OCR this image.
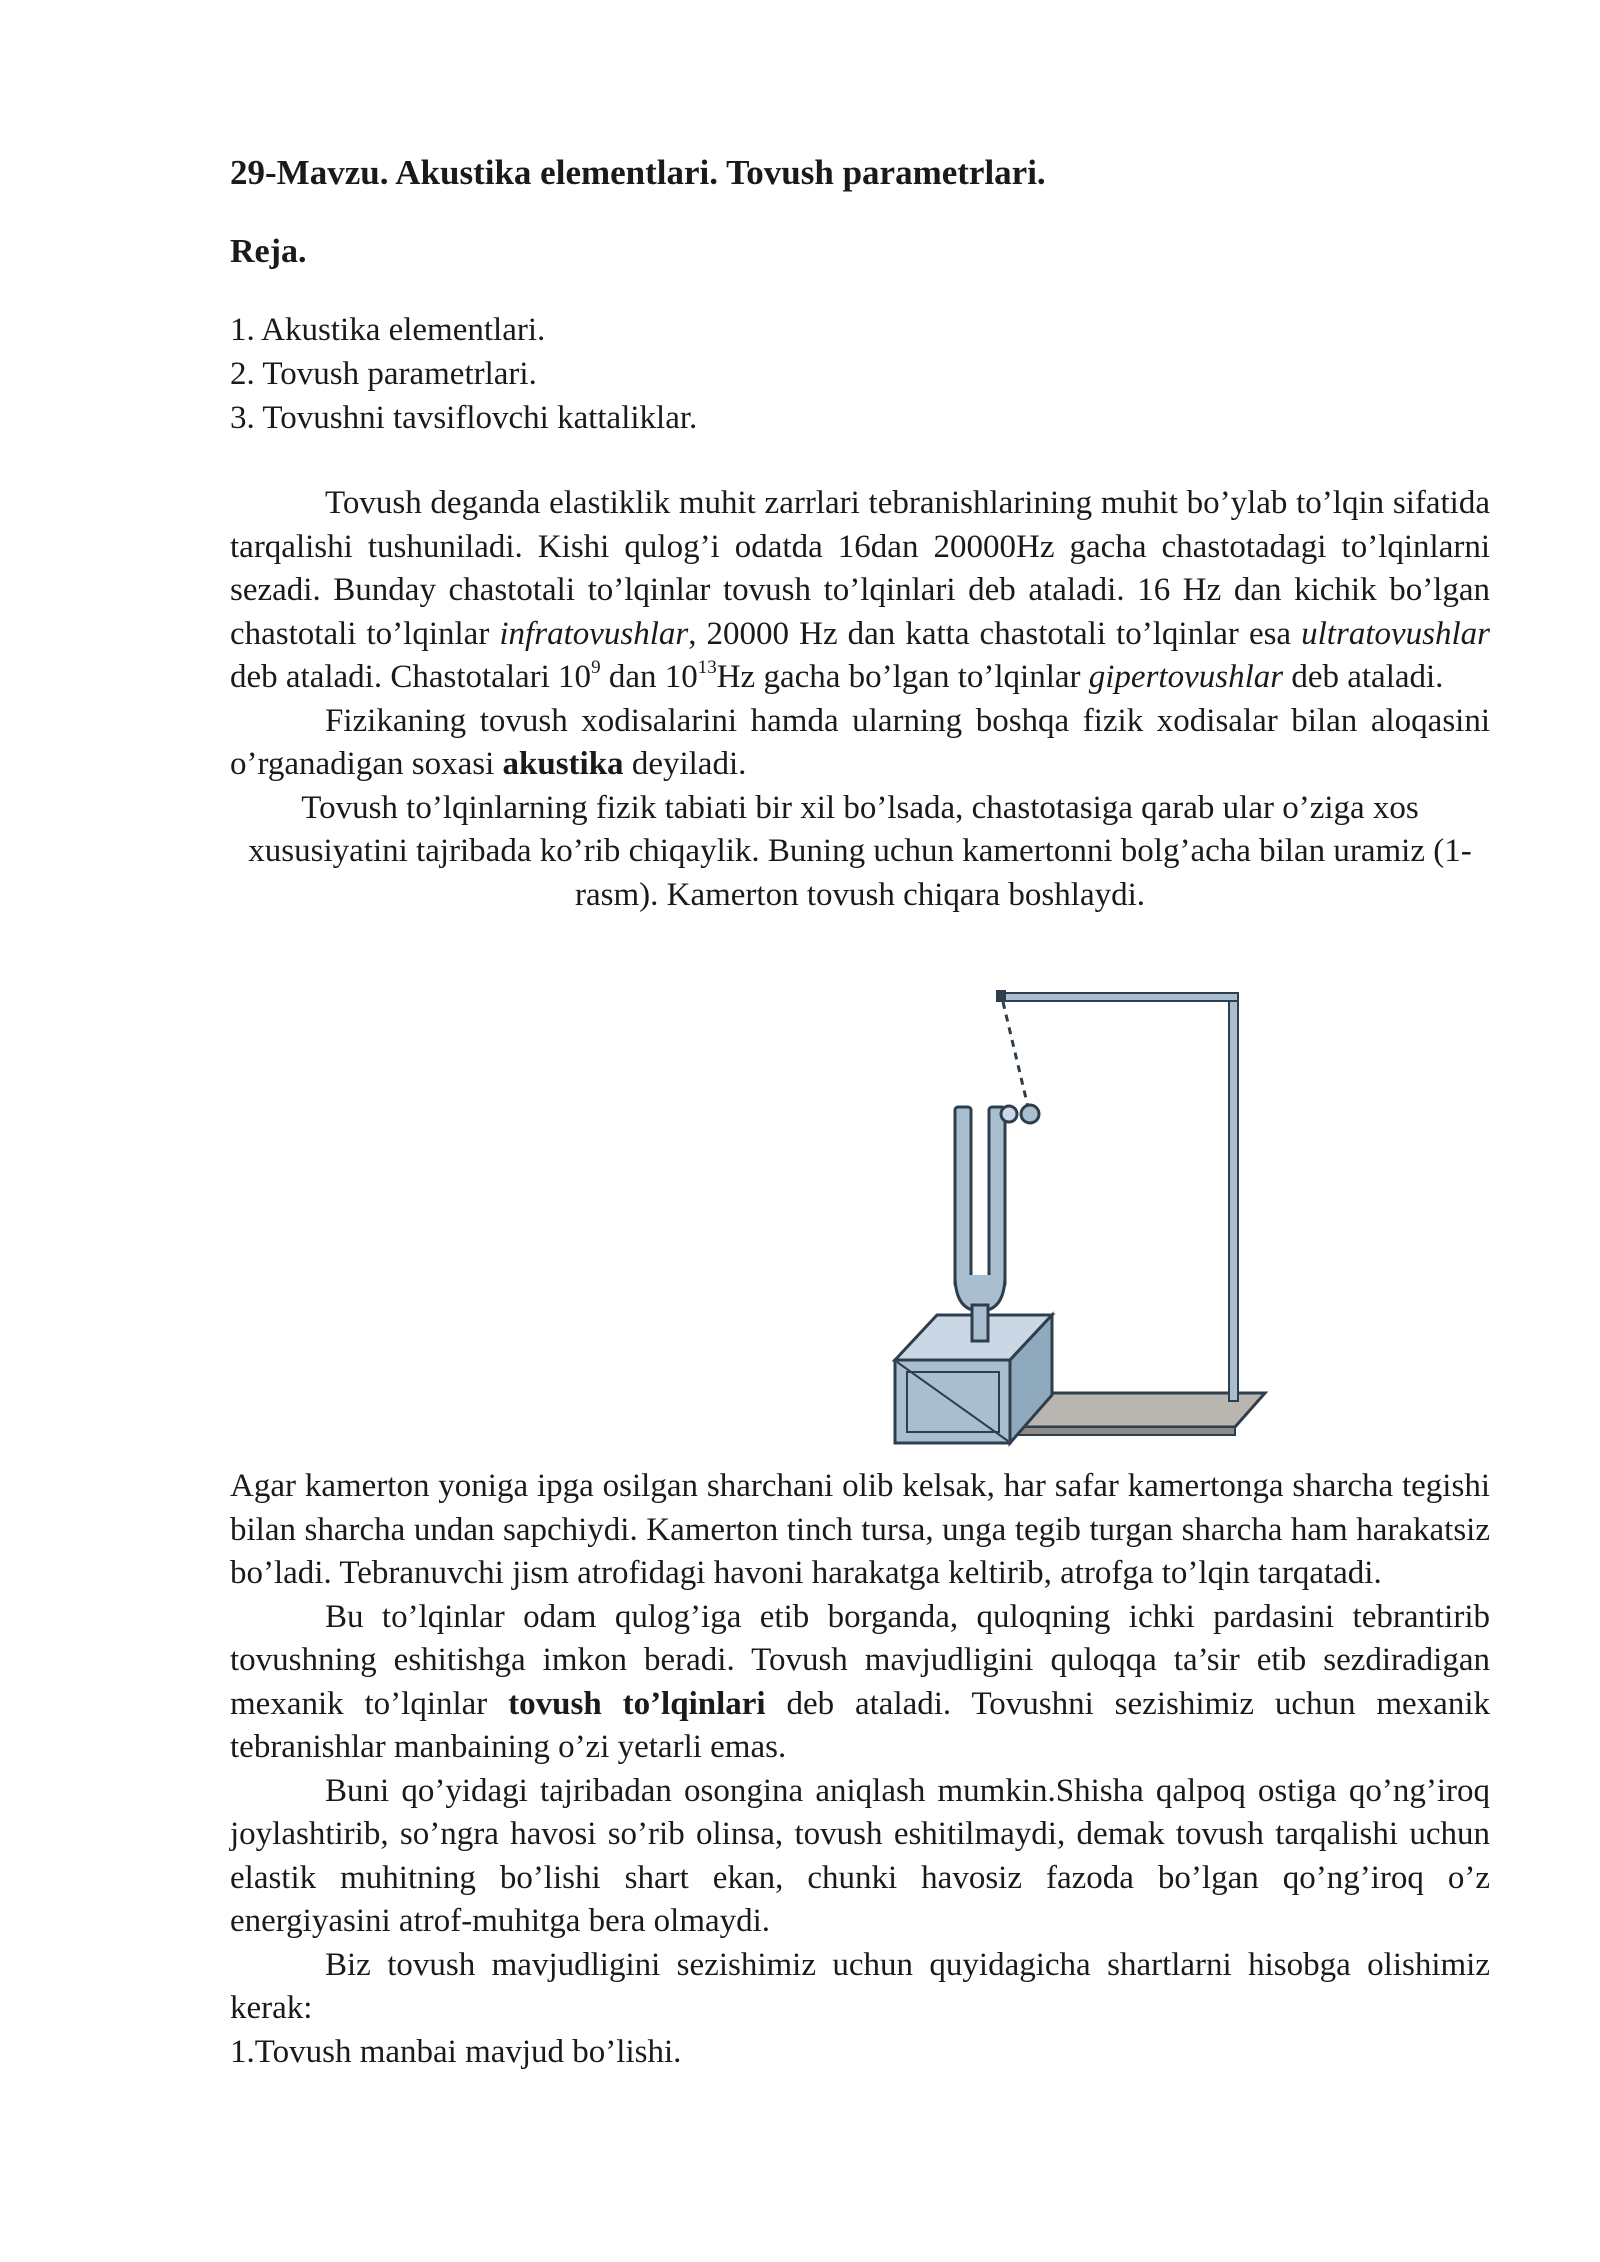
29-Mavzu. Akustika elementlari. Tovush parametrlari.
Reja.
1. Akustika elementlari.
2. Tovush parametrlari.
3. Tovushni tavsiflovchi kattaliklar.

Tovush deganda elastiklik muhit zarrlari tebranishlarining muhit bo’ylab to’lqin sifatida tarqalishi tushuniladi. Kishi qulog’i odatda 16dan 20000Hz gacha chastotadagi to’lqinlarni sezadi. Bunday chastotali to’lqinlar tovush to’lqinlari deb ataladi. 16 Hz dan kichik bo’lgan chastotali to’lqinlar infratovushlar, 20000 Hz dan katta chastotali to’lqinlar esa ultratovushlar deb ataladi. Chastotalari $10^9$ dan $10^{13}Hz$ gacha bo’lgan to’lqinlar gipertovushlar deb ataladi.

Fizikaning tovush xodisalarini hamda ularning boshqa fizik xodisalar bilan aloqasini o’rganadigan soxasi akustika deyiladi.

Tovush to’lqinlarning fizik tabiati bir xil bo’lsada, chastotasiga qarab ular o’ziga xos xususiyatini tajribada ko’rib chiqaylik. Buning uchun kamertonni bolg’acha bilan uramiz (1-rasm). Kamerton tovush chiqara boshlaydi.

Agar kamerton yoniga ipga osilgan sharchani olib kelsak, har safar kamertonga sharcha tegishi bilan sharcha undan sapchiydi. Kamerton tinch tursa, unga tegib turgan sharcha ham harakatsiz bo’ladi. Tebranuvchi jism atrofidagi havoni harakatga keltirib, atrofga to’lqin tarqatadi.

Bu to’lqinlar odam qulog’iga etib borganda, quloqning ichki pardasini tebrantirib tovushning eshitishga imkon beradi. Tovush mavjudligini quloqqa ta’sir etib sezdiradigan mexanik to’lqinlar tovush to’lqinlari deb ataladi. Tovushni sezishimiz uchun mexanik tebranishlar manbaining o’zi yetarli emas.

Buni qo’yidagi tajribadan osongina aniqlash mumkin.Shisha qalpoq ostiga qo’ng’iroq joylashtirib, so’ngra havosi so’rib olinsa, tovush eshitilmaydi, demak tovush tarqalishi uchun elastik muhitning bo’lishi shart ekan, chunki havosiz fazoda bo’lgan qo’ng’iroq o’z energiyasini atrof-muhitga bera olmaydi.

Biz tovush mavjudligini sezishimiz uchun quyidagicha shartlarni hisobga olishimiz kerak:

1.Tovush manbai mavjud bo’lishi.
